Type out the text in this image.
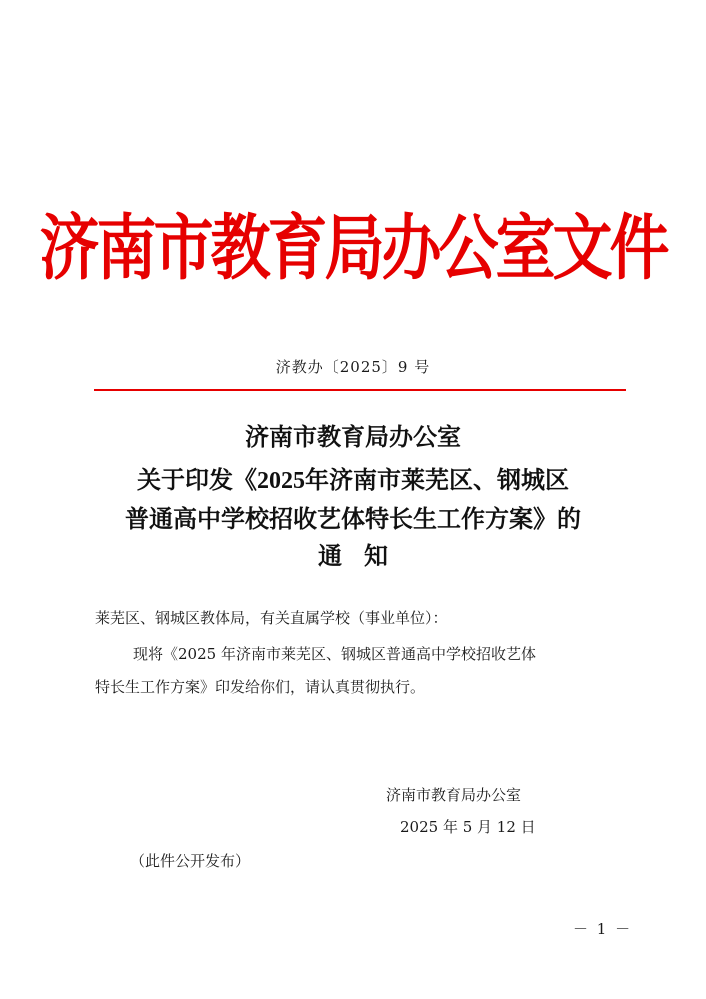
济南市教育局办公室文件
济教办〔2025〕9 号
济南市教育局办公室
关于印发《2025年济南市莱芜区、钢城区
普通高中学校招收艺体特长生工作方案》的
通知
莱芜区、钢城区教体局，有关直属学校（事业单位）：
现将《2025 年济南市莱芜区、钢城区普通高中学校招收艺体
特长生工作方案》印发给你们，请认真贯彻执行。
济南市教育局办公室
2025 年 5 月 12 日
（此件公开发布）
－ 1 －
